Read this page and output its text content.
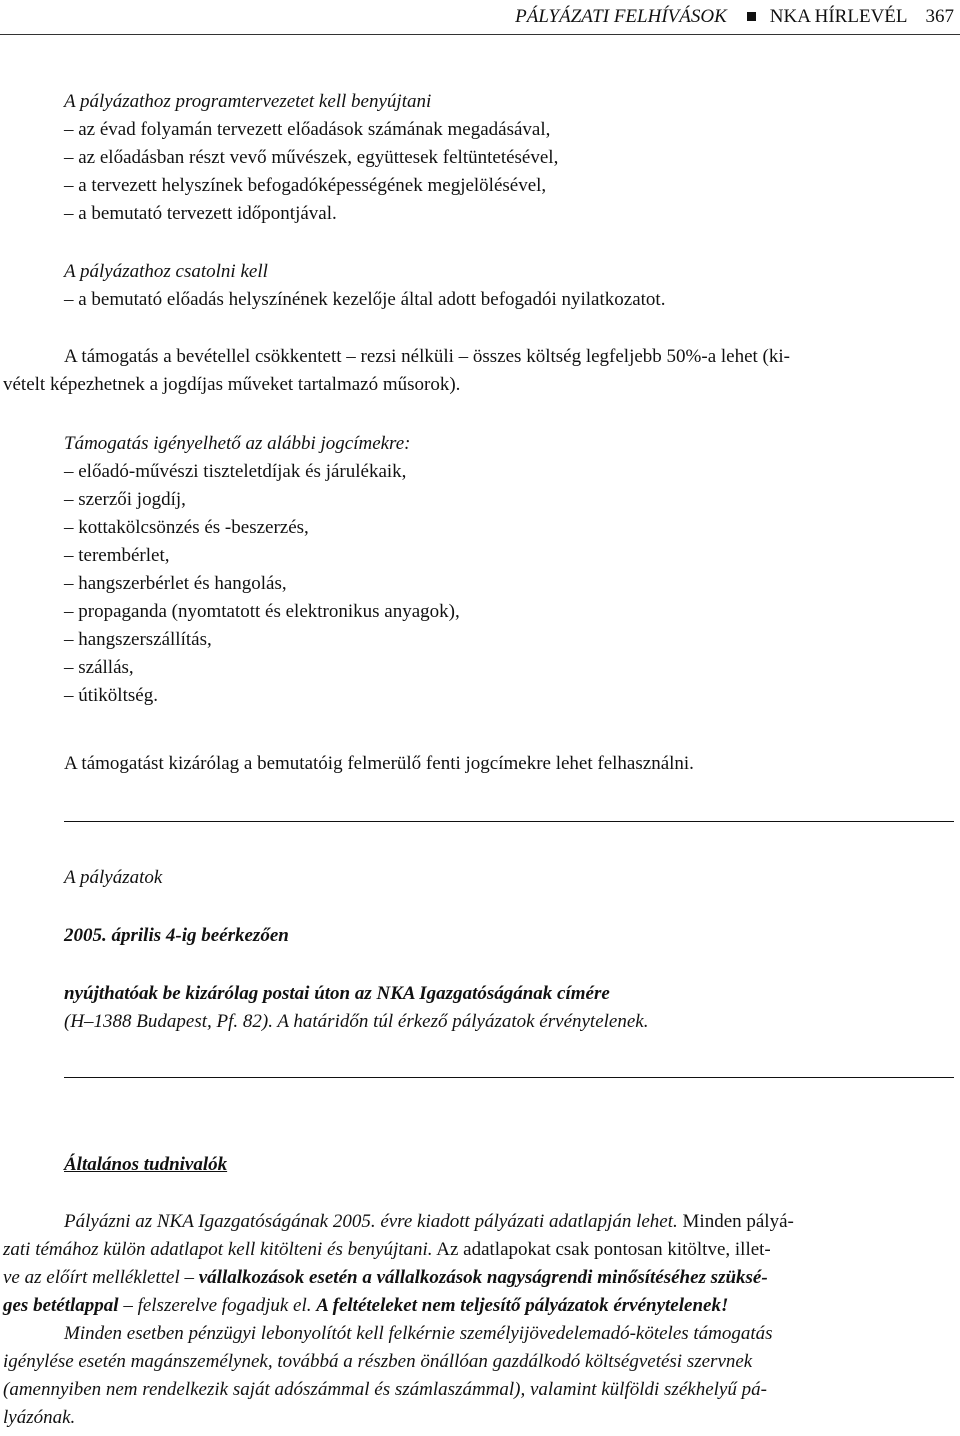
PÁLYÁZATI FELHÍVÁSOK NKA HÍRLEVÉL 367
A pályázathoz programtervezetet kell benyújtani
– az évad folyamán tervezett előadások számának megadásával,
– az előadásban részt vevő művészek, együttesek feltüntetésével,
– a tervezett helyszínek befogadóképességének megjelölésével,
– a bemutató tervezett időpontjával.
A pályázathoz csatolni kell
– a bemutató előadás helyszínének kezelője által adott befogadói nyilatkozatot.
A támogatás a bevétellel csökkentett – rezsi nélküli – összes költség legfeljebb 50%-a lehet (ki-
vételt képezhetnek a jogdíjas műveket tartalmazó műsorok).
Támogatás igényelhető az alábbi jogcímekre:
– előadó-művészi tiszteletdíjak és járulékaik,
– szerzői jogdíj,
– kottakölcsönzés és -beszerzés,
– terembérlet,
– hangszerbérlet és hangolás,
– propaganda (nyomtatott és elektronikus anyagok),
– hangszerszállítás,
– szállás,
– útiköltség.
A támogatást kizárólag a bemutatóig felmerülő fenti jogcímekre lehet felhasználni.
A pályázatok
2005. április 4-ig beérkezően
nyújthatóak be kizárólag postai úton az NKA Igazgatóságának címére
(H–1388 Budapest, Pf. 82). A határidőn túl érkező pályázatok érvénytelenek.
Általános tudnivalók
Pályázni az NKA Igazgatóságának 2005. évre kiadott pályázati adatlapján lehet. Minden pályá-
zati témához külön adatlapot kell kitölteni és benyújtani. Az adatlapokat csak pontosan kitöltve, illet-
ve az előírt melléklettel – vállalkozások esetén a vállalkozások nagyságrendi minősítéséhez szüksé-
ges betétlappal – felszerelve fogadjuk el. A feltételeket nem teljesítő pályázatok érvénytelenek!
Minden esetben pénzügyi lebonyolítót kell felkérnie személyijövedelemadó-köteles támogatás
igénylése esetén magánszemélynek, továbbá a részben önállóan gazdálkodó költségvetési szervnek
(amennyiben nem rendelkezik saját adószámmal és számlaszámmal), valamint külföldi székhelyű pá-
lyázónak.
